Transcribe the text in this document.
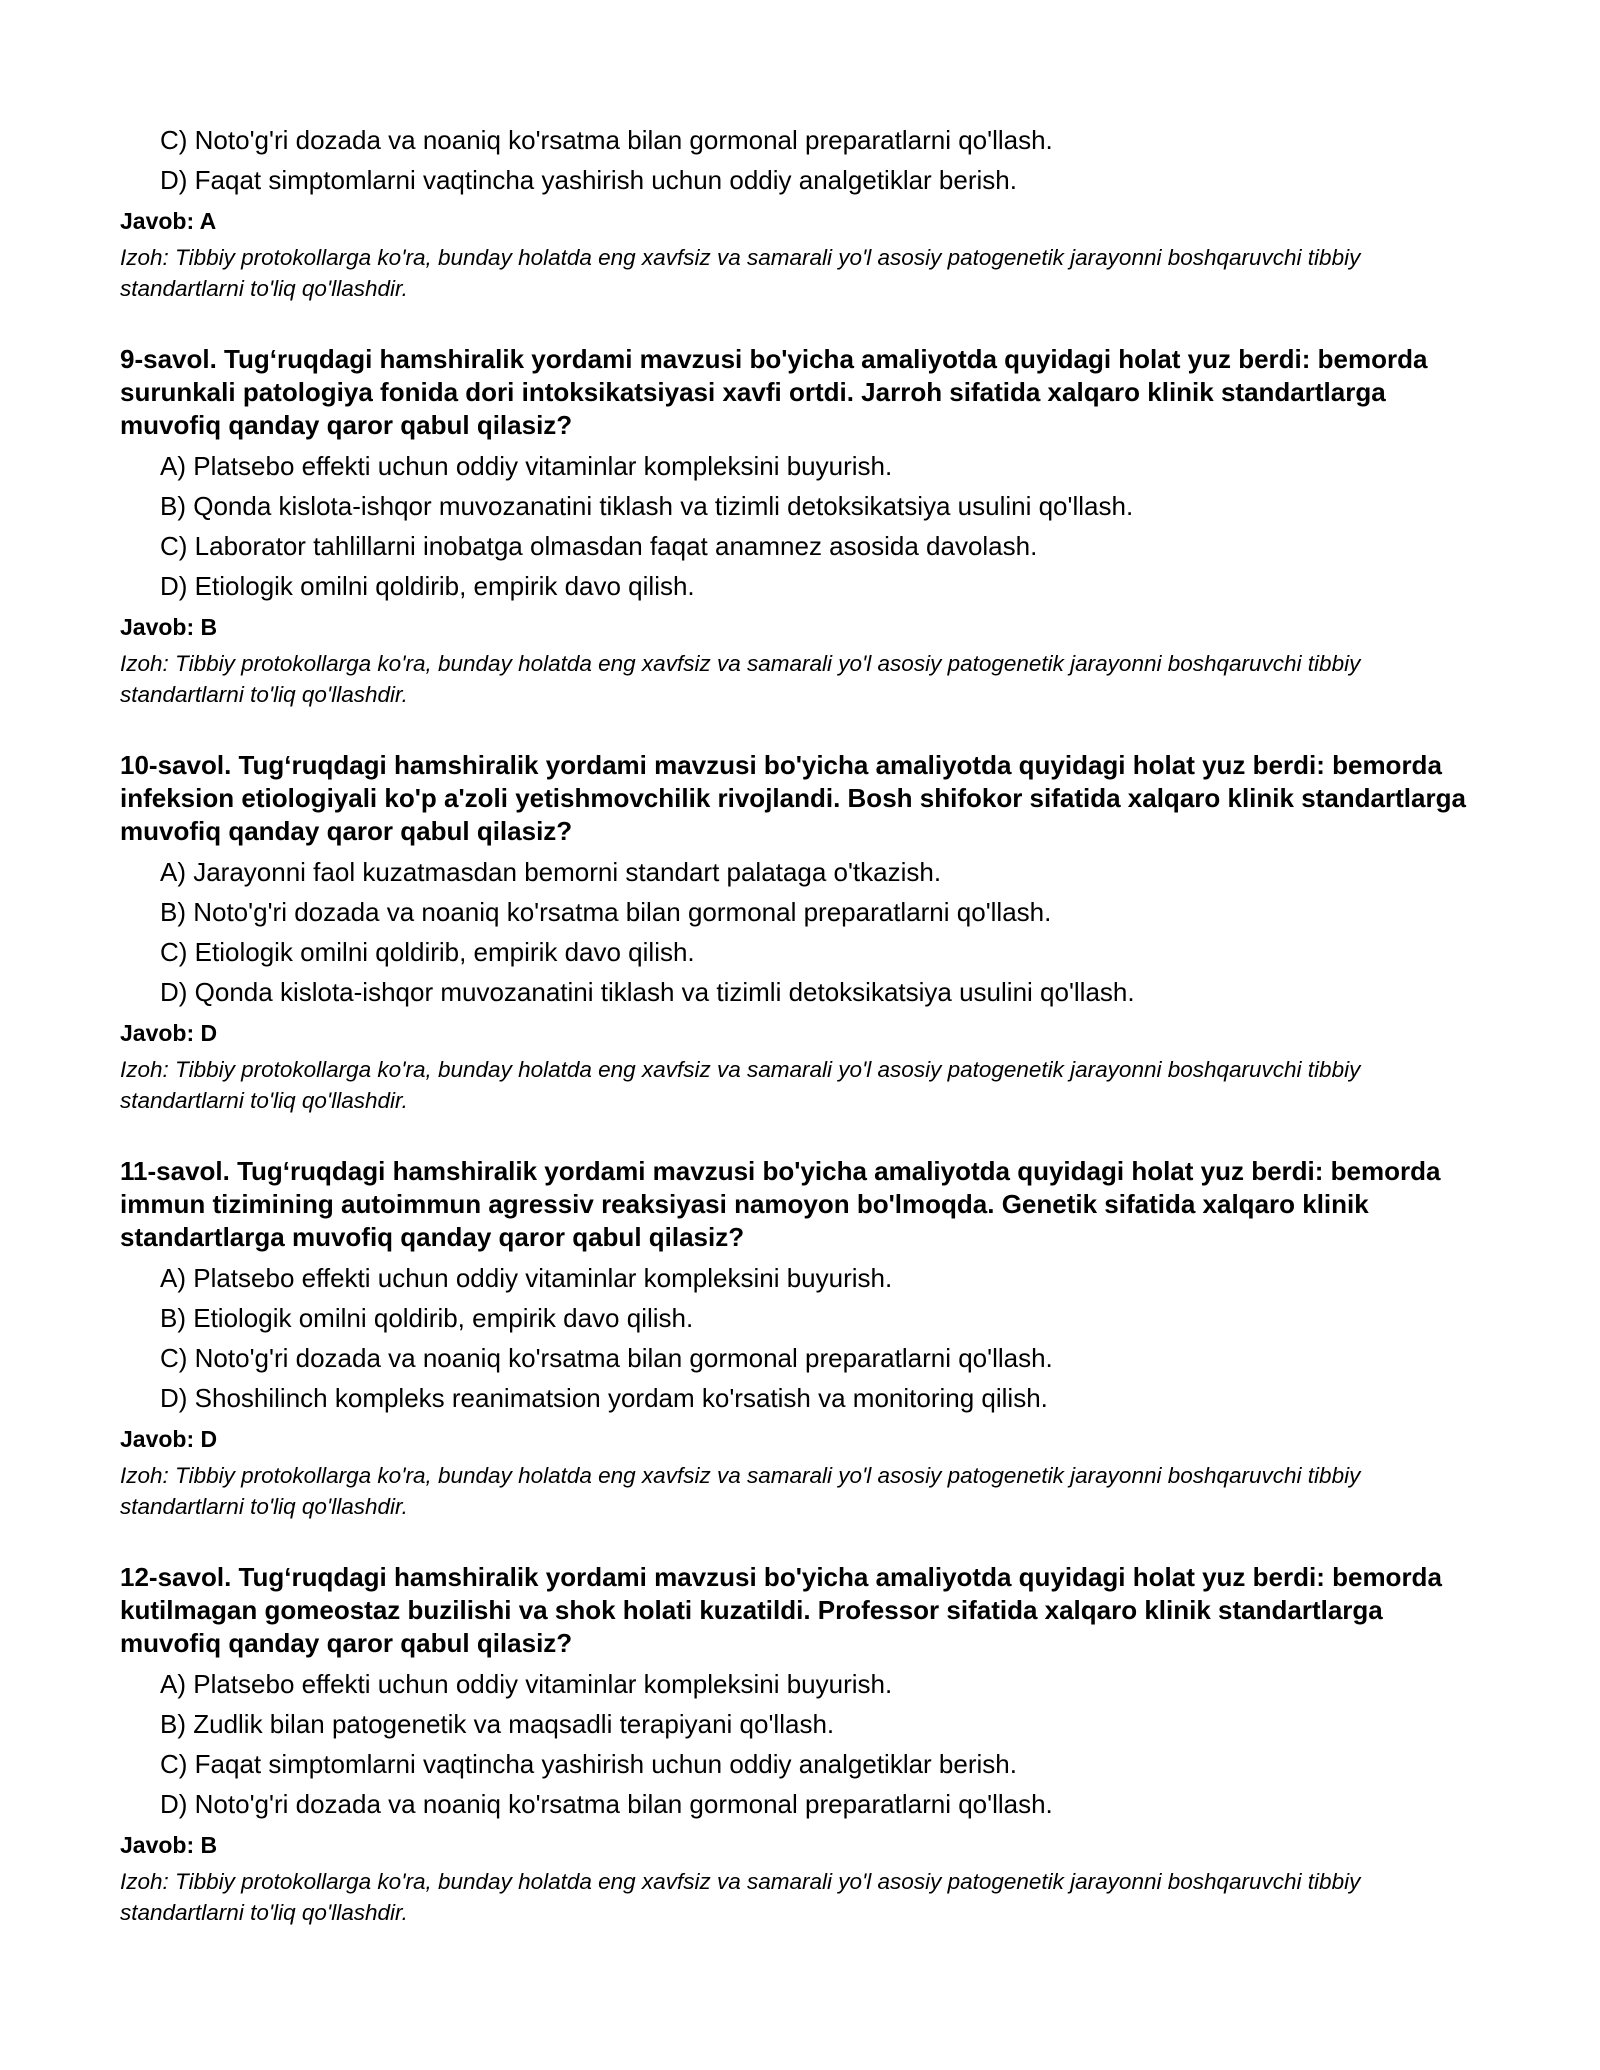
C) Noto'g'ri dozada va noaniq ko'rsatma bilan gormonal preparatlarni qo'llash.
D) Faqat simptomlarni vaqtincha yashirish uchun oddiy analgetiklar berish.
Javob: A
Izoh: Tibbiy protokollarga ko'ra, bunday holatda eng xavfsiz va samarali yo'l asosiy patogenetik jarayonni boshqaruvchi tibbiy standartlarni to'liq qo'llashdir.
9-savol. Tug‘ruqdagi hamshiralik yordami mavzusi bo'yicha amaliyotda quyidagi holat yuz berdi: bemorda surunkali patologiya fonida dori intoksikatsiyasi xavfi ortdi. Jarroh sifatida xalqaro klinik standartlarga muvofiq qanday qaror qabul qilasiz?
A) Platsebo effekti uchun oddiy vitaminlar kompleksini buyurish.
B) Qonda kislota-ishqor muvozanatini tiklash va tizimli detoksikatsiya usulini qo'llash.
C) Laborator tahlillarni inobatga olmasdan faqat anamnez asosida davolash.
D) Etiologik omilni qoldirib, empirik davo qilish.
Javob: B
Izoh: Tibbiy protokollarga ko'ra, bunday holatda eng xavfsiz va samarali yo'l asosiy patogenetik jarayonni boshqaruvchi tibbiy standartlarni to'liq qo'llashdir.
10-savol. Tug‘ruqdagi hamshiralik yordami mavzusi bo'yicha amaliyotda quyidagi holat yuz berdi: bemorda infeksion etiologiyali ko'p a'zoli yetishmovchilik rivojlandi. Bosh shifokor sifatida xalqaro klinik standartlarga muvofiq qanday qaror qabul qilasiz?
A) Jarayonni faol kuzatmasdan bemorni standart palataga o'tkazish.
B) Noto'g'ri dozada va noaniq ko'rsatma bilan gormonal preparatlarni qo'llash.
C) Etiologik omilni qoldirib, empirik davo qilish.
D) Qonda kislota-ishqor muvozanatini tiklash va tizimli detoksikatsiya usulini qo'llash.
Javob: D
Izoh: Tibbiy protokollarga ko'ra, bunday holatda eng xavfsiz va samarali yo'l asosiy patogenetik jarayonni boshqaruvchi tibbiy standartlarni to'liq qo'llashdir.
11-savol. Tug‘ruqdagi hamshiralik yordami mavzusi bo'yicha amaliyotda quyidagi holat yuz berdi: bemorda immun tizimining autoimmun agressiv reaksiyasi namoyon bo'lmoqda. Genetik sifatida xalqaro klinik standartlarga muvofiq qanday qaror qabul qilasiz?
A) Platsebo effekti uchun oddiy vitaminlar kompleksini buyurish.
B) Etiologik omilni qoldirib, empirik davo qilish.
C) Noto'g'ri dozada va noaniq ko'rsatma bilan gormonal preparatlarni qo'llash.
D) Shoshilinch kompleks reanimatsion yordam ko'rsatish va monitoring qilish.
Javob: D
Izoh: Tibbiy protokollarga ko'ra, bunday holatda eng xavfsiz va samarali yo'l asosiy patogenetik jarayonni boshqaruvchi tibbiy standartlarni to'liq qo'llashdir.
12-savol. Tug‘ruqdagi hamshiralik yordami mavzusi bo'yicha amaliyotda quyidagi holat yuz berdi: bemorda kutilmagan gomeostaz buzilishi va shok holati kuzatildi. Professor sifatida xalqaro klinik standartlarga muvofiq qanday qaror qabul qilasiz?
A) Platsebo effekti uchun oddiy vitaminlar kompleksini buyurish.
B) Zudlik bilan patogenetik va maqsadli terapiyani qo'llash.
C) Faqat simptomlarni vaqtincha yashirish uchun oddiy analgetiklar berish.
D) Noto'g'ri dozada va noaniq ko'rsatma bilan gormonal preparatlarni qo'llash.
Javob: B
Izoh: Tibbiy protokollarga ko'ra, bunday holatda eng xavfsiz va samarali yo'l asosiy patogenetik jarayonni boshqaruvchi tibbiy standartlarni to'liq qo'llashdir.
